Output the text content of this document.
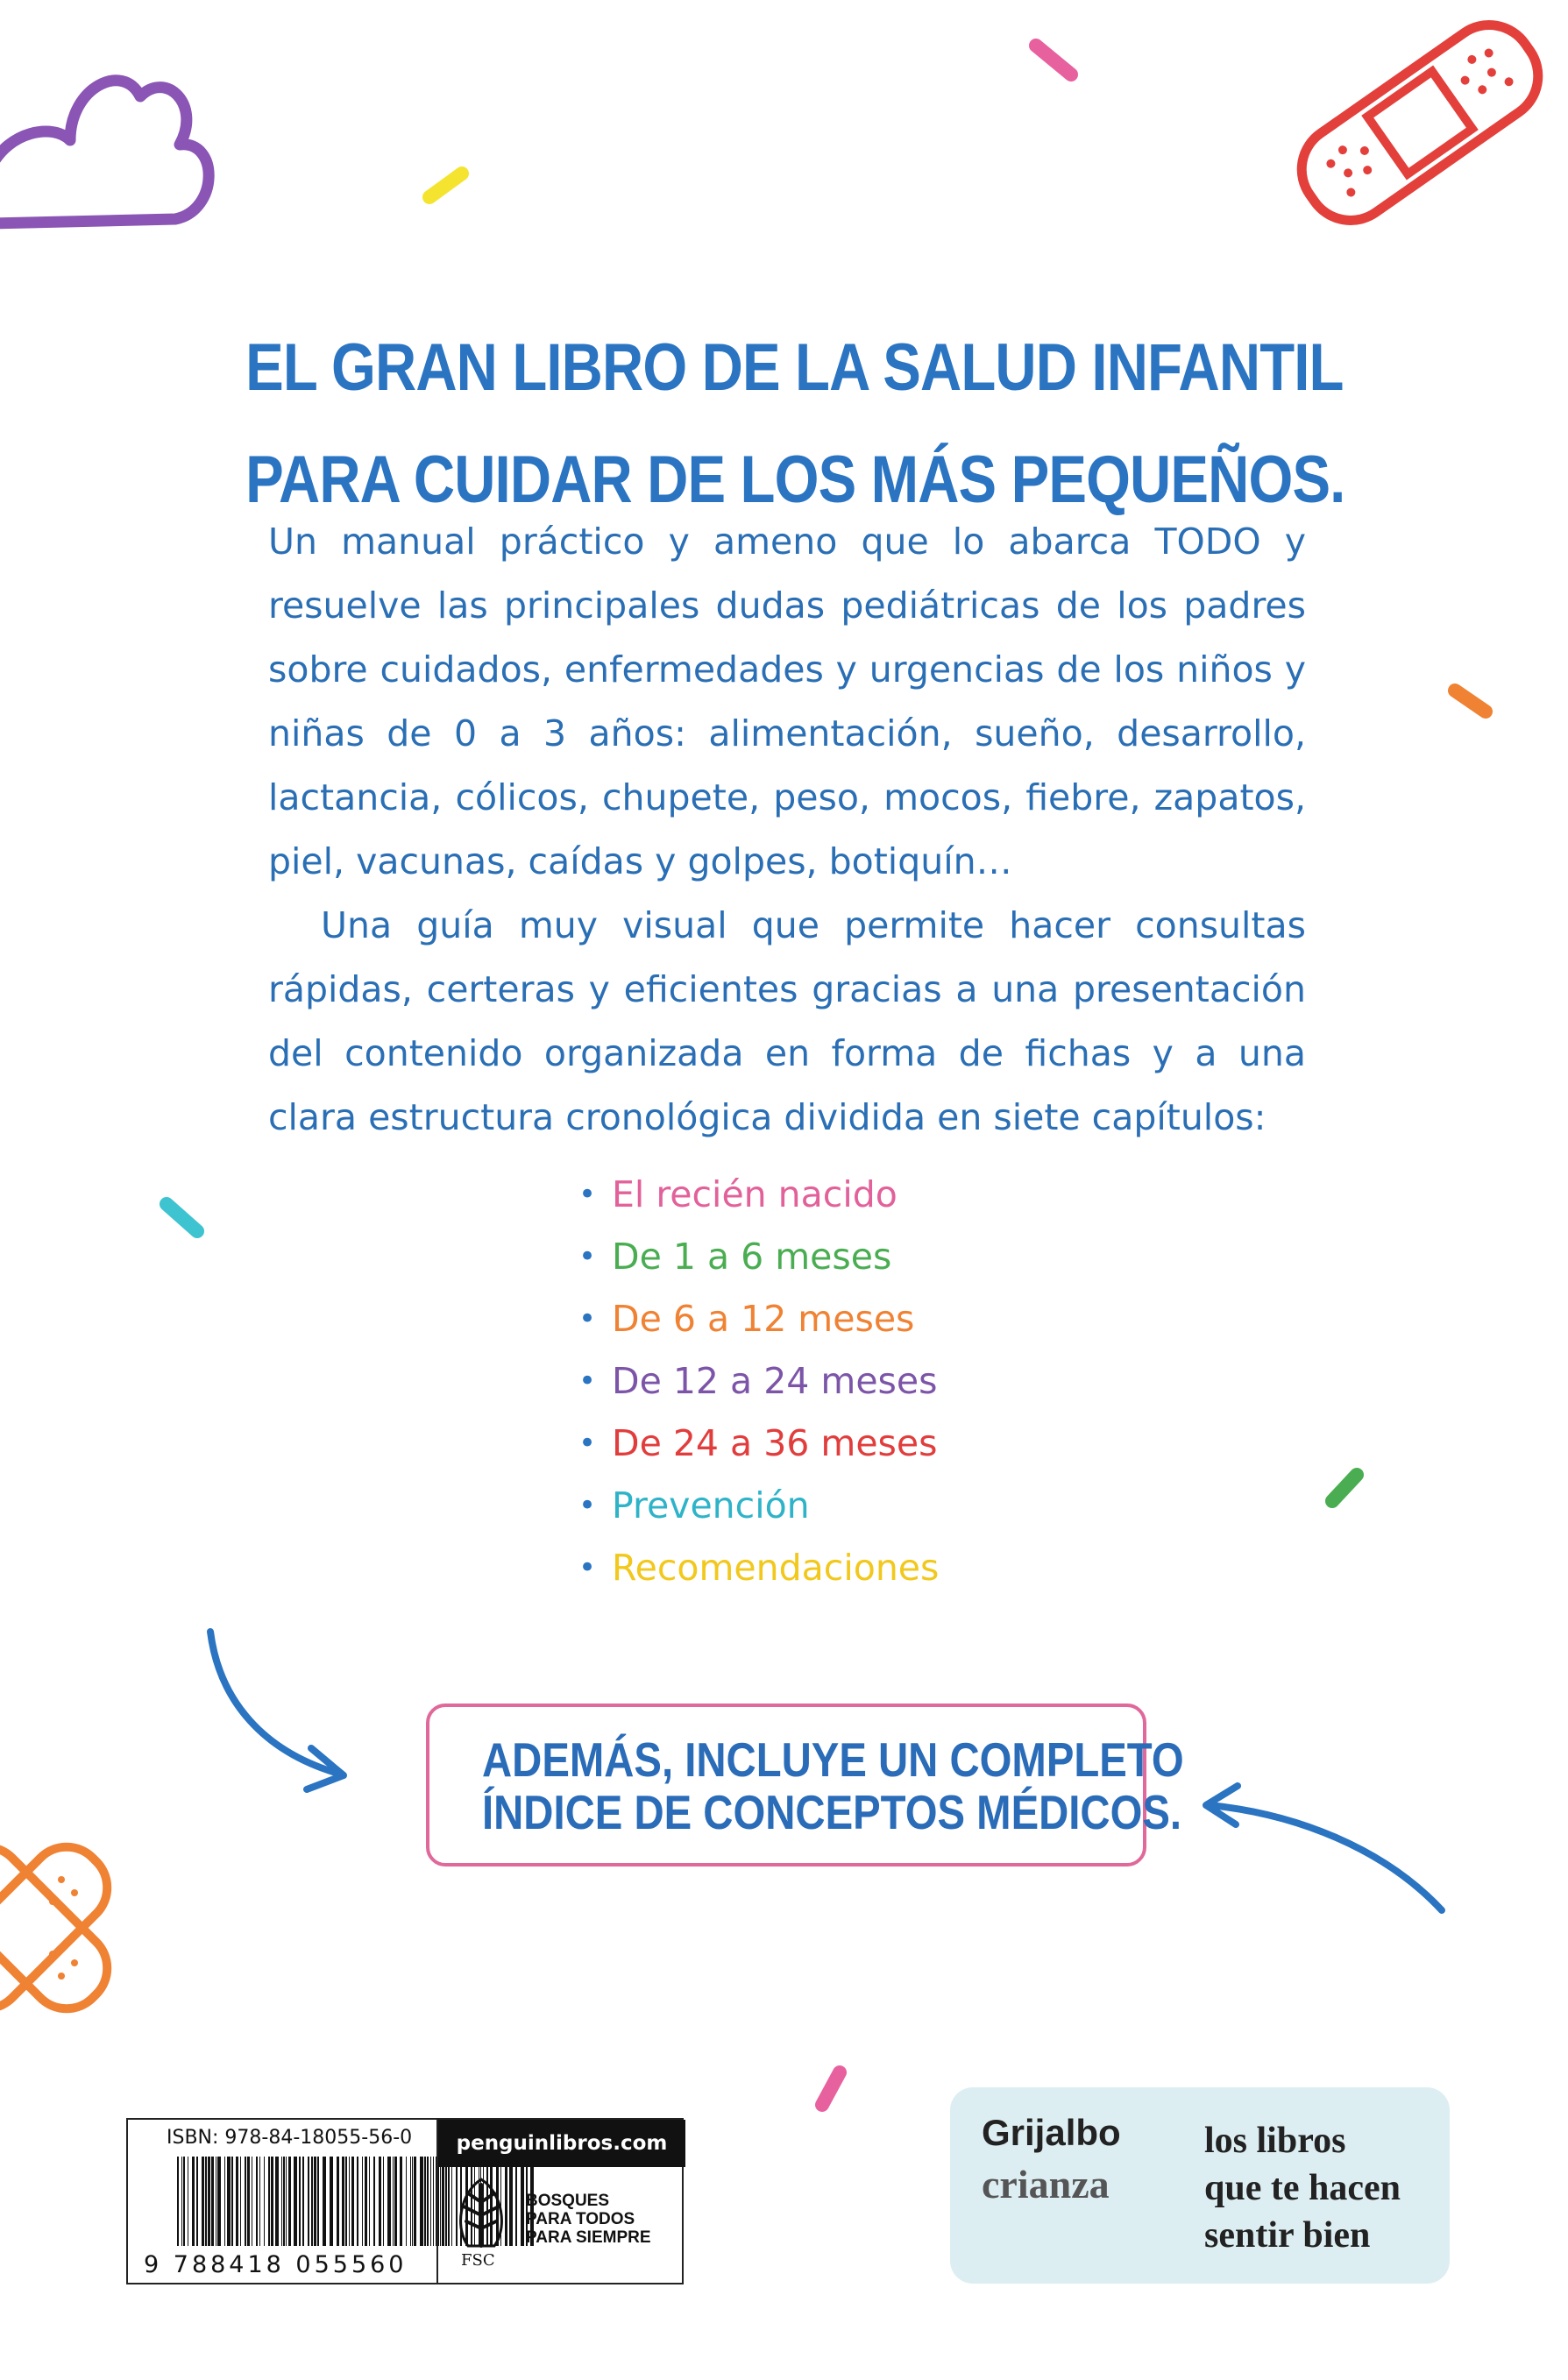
EL GRAN LIBRO DE LA SALUD INFANTIL
PARA CUIDAR DE LOS MÁS PEQUEÑOS.

Un manual práctico y ameno que lo abarca TODO y resuelve las principales dudas pediátricas de los padres sobre cuidados, enfermedades y urgencias de los niños y niñas de 0 a 3 años: alimentación, sueño, desarrollo, lactancia, cólicos, chupete, peso, mocos, fiebre, zapatos, piel, vacunas, caídas y golpes, botiquín…

Una guía muy visual que permite hacer consultas rápidas, certeras y eficientes gracias a una presentación del contenido organizada en forma de fichas y a una clara estructura cronológica dividida en siete capítulos:

• El recién nacido
• De 1 a 6 meses
• De 6 a 12 meses
• De 12 a 24 meses
• De 24 a 36 meses
• Prevención
• Recomendaciones
ADEMÁS, INCLUYE UN COMPLETO
ÍNDICE DE CONCEPTOS MÉDICOS.
ISBN: 978-84-18055-56-0
9 788418 055560
penguinlibros.com
FSC
BOSQUES
PARA TODOS
PARA SIEMPRE
Grijalbo
crianza
los libros
que te hacen
sentir bien
